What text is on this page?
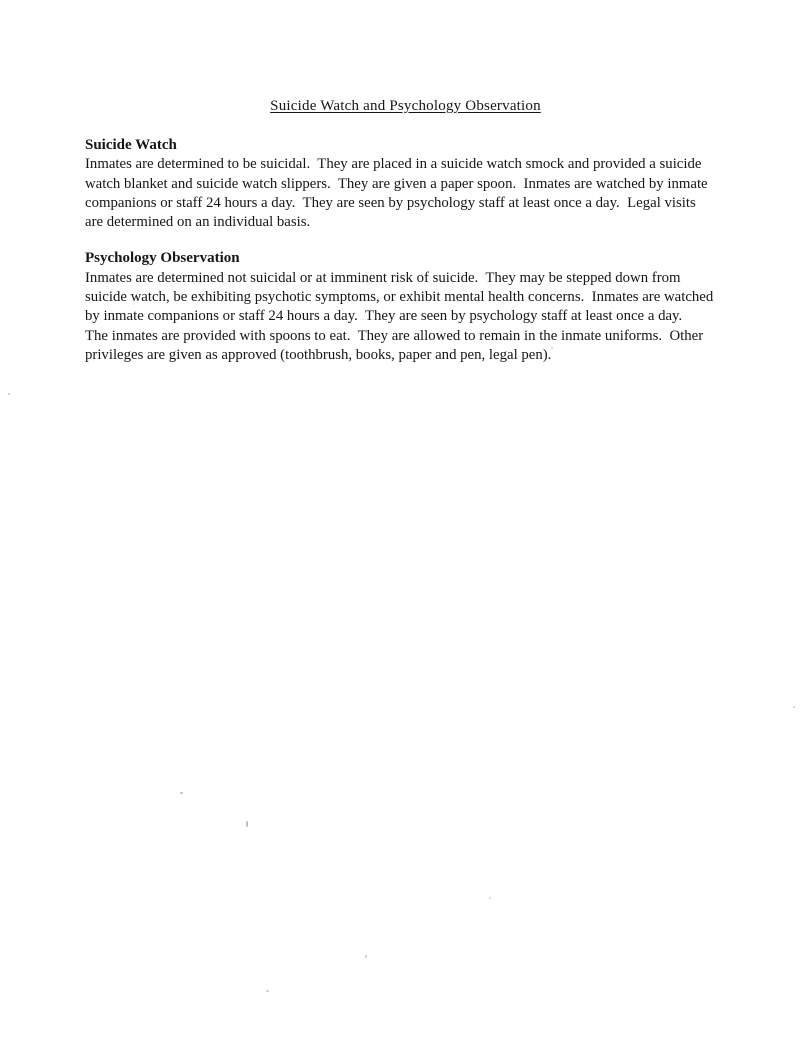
Suicide Watch and Psychology Observation
Suicide Watch
Inmates are determined to be suicidal.  They are placed in a suicide watch smock and provided a suicide
watch blanket and suicide watch slippers.  They are given a paper spoon.  Inmates are watched by inmate
companions or staff 24 hours a day.  They are seen by psychology staff at least once a day.  Legal visits
are determined on an individual basis.
Psychology Observation
Inmates are determined not suicidal or at imminent risk of suicide.  They may be stepped down from
suicide watch, be exhibiting psychotic symptoms, or exhibit mental health concerns.  Inmates are watched
by inmate companions or staff 24 hours a day.  They are seen by psychology staff at least once a day.
The inmates are provided with spoons to eat.  They are allowed to remain in the inmate uniforms.  Other
privileges are given as approved (toothbrush, books, paper and pen, legal pen).
